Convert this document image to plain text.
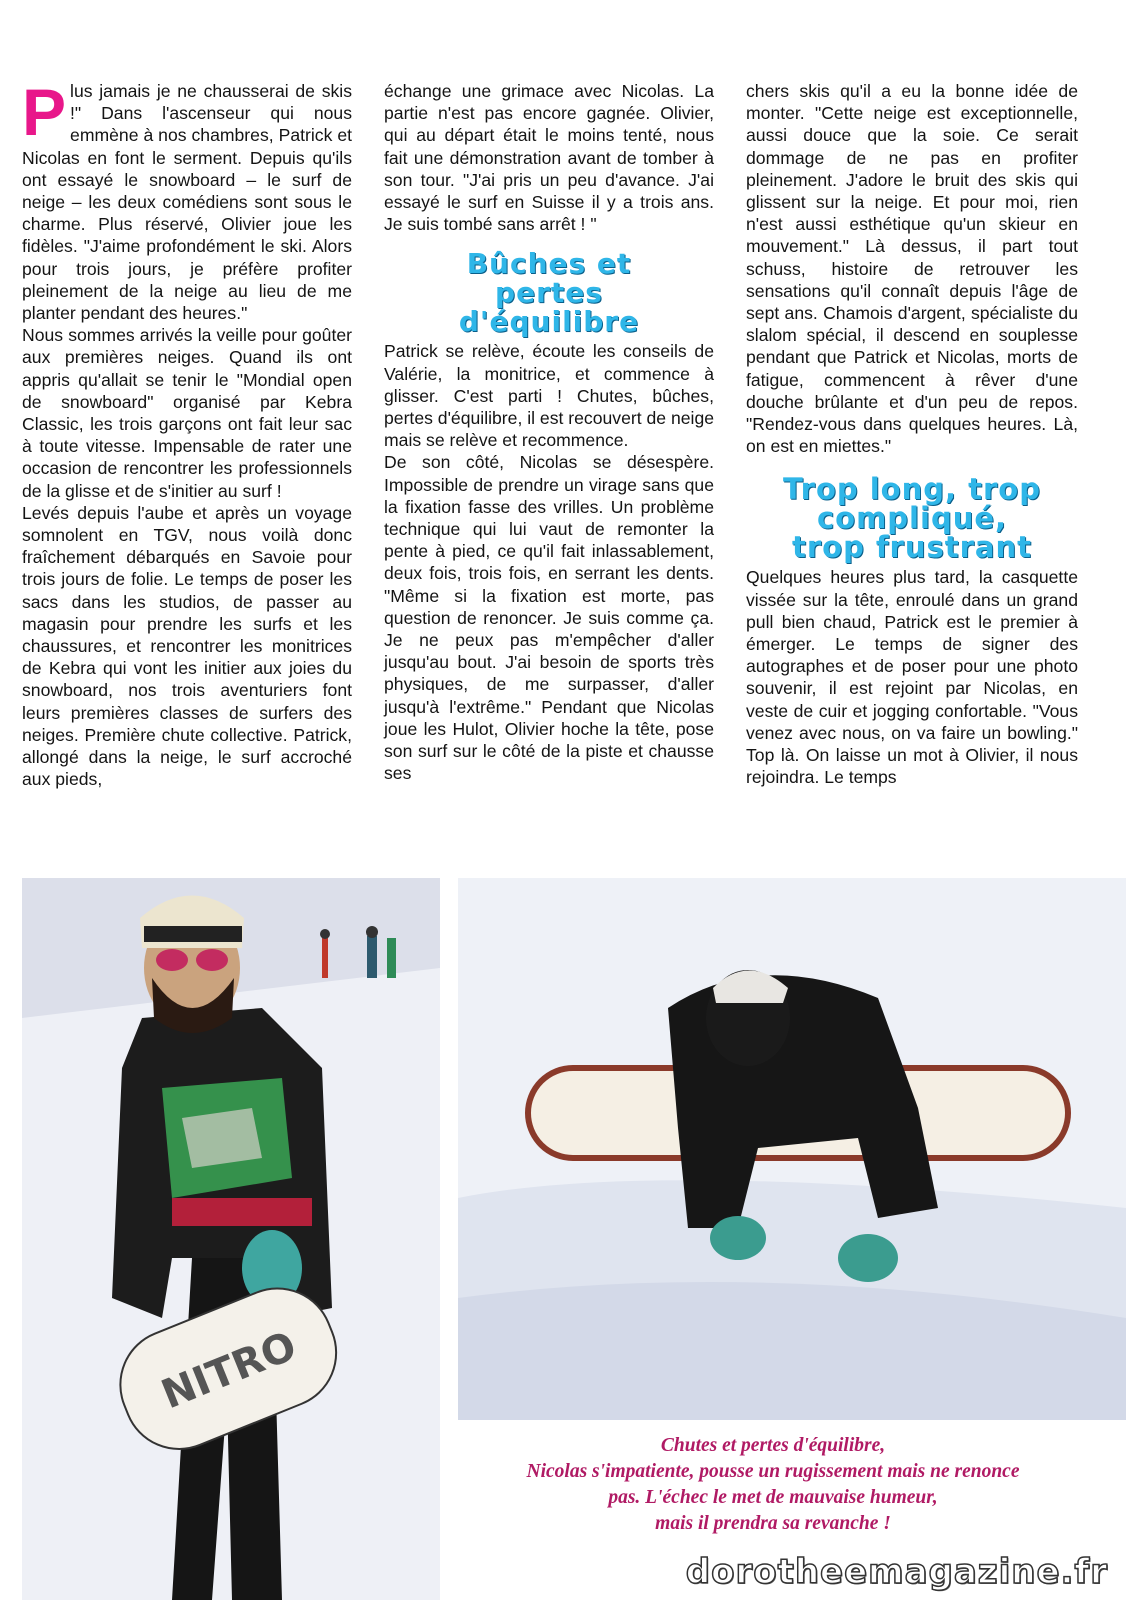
Plus jamais je ne chausserai de skis !" Dans l'ascenseur qui nous emmène à nos chambres, Patrick et Nicolas en font le serment. Depuis qu'ils ont essayé le snowboard – le surf de neige – les deux comédiens sont sous le charme. Plus réservé, Olivier joue les fidèles. "J'aime profondément le ski. Alors pour trois jours, je préfère profiter pleinement de la neige au lieu de me planter pendant des heures."

Nous sommes arrivés la veille pour goûter aux premières neiges. Quand ils ont appris qu'allait se tenir le "Mondial open de snowboard" organisé par Kebra Classic, les trois garçons ont fait leur sac à toute vitesse. Impensable de rater une occasion de rencontrer les professionnels de la glisse et de s'initier au surf !

Levés depuis l'aube et après un voyage somnolent en TGV, nous voilà donc fraîchement débarqués en Savoie pour trois jours de folie. Le temps de poser les sacs dans les studios, de passer au magasin pour prendre les surfs et les chaussures, et rencontrer les monitrices de Kebra qui vont les initier aux joies du snowboard, nos trois aventuriers font leurs premières classes de surfers des neiges. Première chute collective. Patrick, allongé dans la neige, le surf accroché aux pieds,

échange une grimace avec Nicolas. La partie n'est pas encore gagnée. Olivier, qui au départ était le moins tenté, nous fait une démonstration avant de tomber à son tour. "J'ai pris un peu d'avance. J'ai essayé le surf en Suisse il y a trois ans. Je suis tombé sans arrêt ! "

Bûches et
pertes
d'équilibre

Patrick se relève, écoute les conseils de Valérie, la monitrice, et commence à glisser. C'est parti ! Chutes, bûches, pertes d'équilibre, il est recouvert de neige mais se relève et recommence.

De son côté, Nicolas se désespère. Impossible de prendre un virage sans que la fixation fasse des vrilles. Un problème technique qui lui vaut de remonter la pente à pied, ce qu'il fait inlassablement, deux fois, trois fois, en serrant les dents. "Même si la fixation est morte, pas question de renoncer. Je suis comme ça. Je ne peux pas m'empêcher d'aller jusqu'au bout. J'ai besoin de sports très physiques, de me surpasser, d'aller jusqu'à l'extrême." Pendant que Nicolas joue les Hulot, Olivier hoche la tête, pose son surf sur le côté de la piste et chausse ses

chers skis qu'il a eu la bonne idée de monter. "Cette neige est exceptionnelle, aussi douce que la soie. Ce serait dommage de ne pas en profiter pleinement. J'adore le bruit des skis qui glissent sur la neige. Et pour moi, rien n'est aussi esthétique qu'un skieur en mouvement." Là dessus, il part tout schuss, histoire de retrouver les sensations qu'il connaît depuis l'âge de sept ans. Chamois d'argent, spécialiste du slalom spécial, il descend en souplesse pendant que Patrick et Nicolas, morts de fatigue, commencent à rêver d'une douche brûlante et d'un peu de repos. "Rendez-vous dans quelques heures. Là, on est en miettes."

Trop long, trop
compliqué,
trop frustrant

Quelques heures plus tard, la casquette vissée sur la tête, enroulé dans un grand pull bien chaud, Patrick est le premier à émerger. Le temps de signer des autographes et de poser pour une photo souvenir, il est rejoint par Nicolas, en veste de cuir et jogging confortable. "Vous venez avec nous, on va faire un bowling." Top là. On laisse un mot à Olivier, il nous rejoindra. Le temps

NITRO
Chutes et pertes d'équilibre,
Nicolas s'impatiente, pousse un rugissement mais ne renonce
pas. L'échec le met de mauvaise humeur,
mais il prendra sa revanche !
dorotheemagazine.fr
